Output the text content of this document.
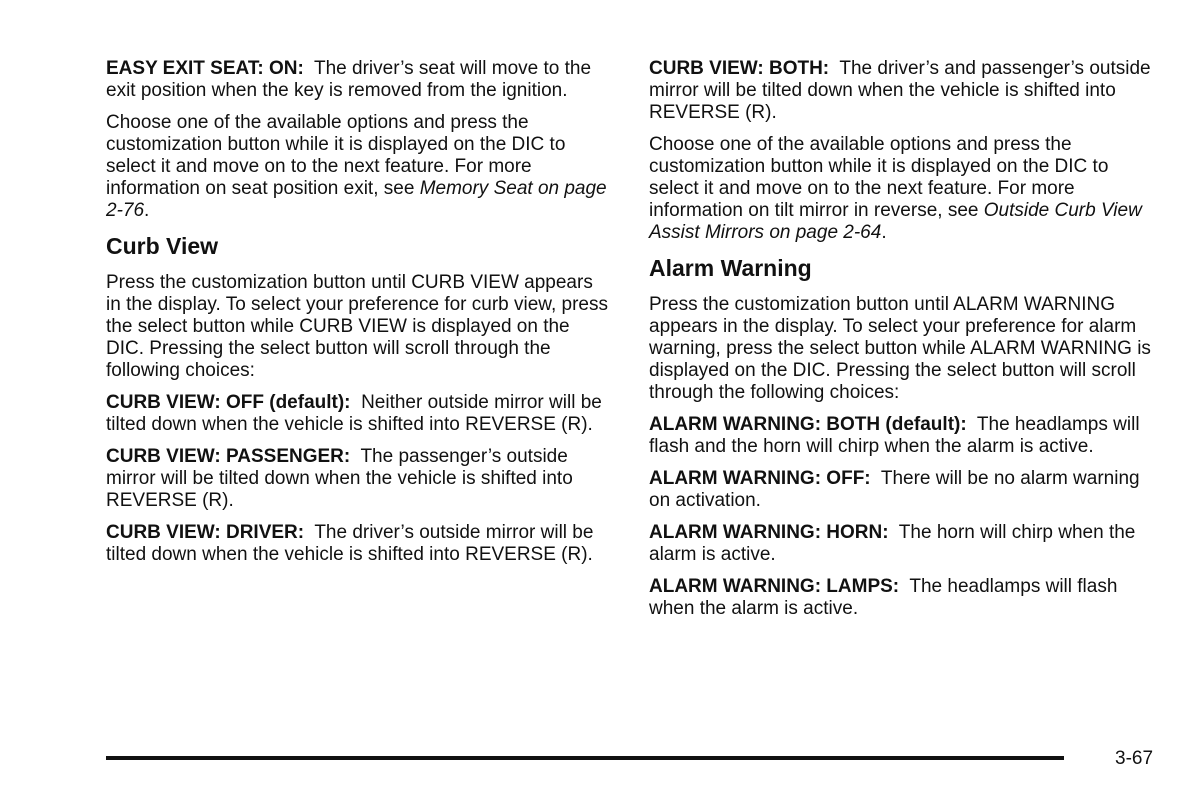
EASY EXIT SEAT: ON: The driver’s seat will move to the exit position when the key is removed from the ignition.

Choose one of the available options and press the customization button while it is displayed on the DIC to select it and move on to the next feature. For more information on seat position exit, see Memory Seat on page 2-76.

Curb View

Press the customization button until CURB VIEW appears in the display. To select your preference for curb view, press the select button while CURB VIEW is displayed on the DIC. Pressing the select button will scroll through the following choices:

CURB VIEW: OFF (default): Neither outside mirror will be tilted down when the vehicle is shifted into REVERSE (R).

CURB VIEW: PASSENGER: The passenger’s outside mirror will be tilted down when the vehicle is shifted into REVERSE (R).

CURB VIEW: DRIVER: The driver’s outside mirror will be tilted down when the vehicle is shifted into REVERSE (R).

CURB VIEW: BOTH: The driver’s and passenger’s outside mirror will be tilted down when the vehicle is shifted into REVERSE (R).

Choose one of the available options and press the customization button while it is displayed on the DIC to select it and move on to the next feature. For more information on tilt mirror in reverse, see Outside Curb View Assist Mirrors on page 2-64.

Alarm Warning

Press the customization button until ALARM WARNING appears in the display. To select your preference for alarm warning, press the select button while ALARM WARNING is displayed on the DIC. Pressing the select button will scroll through the following choices:

ALARM WARNING: BOTH (default): The headlamps will flash and the horn will chirp when the alarm is active.

ALARM WARNING: OFF: There will be no alarm warning on activation.

ALARM WARNING: HORN: The horn will chirp when the alarm is active.

ALARM WARNING: LAMPS: The headlamps will flash when the alarm is active.

3-67
